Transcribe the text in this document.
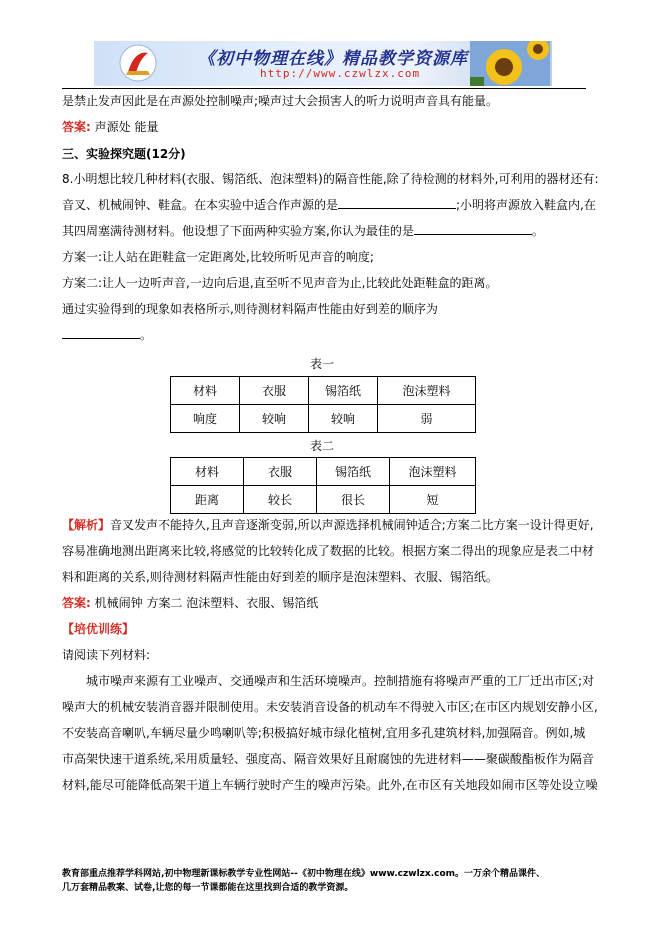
《初中物理在线》精品教学资源库
http://www.czwlzx.com
是禁止发声因此是在声源处控制噪声;噪声过大会损害人的听力说明声音具有能量。
答案: 声源处 能量
三、实验探究题(12分)
8.小明想比较几种材料(衣服、锡箔纸、泡沫塑料)的隔音性能,除了待检测的材料外,可利用的器材还有:
音叉、机械闹钟、鞋盒。在本实验中适合作声源的是	;小明将声源放入鞋盒内,在
其四周塞满待测材料。他设想了下面两种实验方案,你认为最佳的是	。
方案一:让人站在距鞋盒一定距离处,比较所听见声音的响度;
方案二:让人一边听声音,一边向后退,直至听不见声音为止,比较此处距鞋盒的距离。
通过实验得到的现象如表格所示,则待测材料隔声性能由好到差的顺序为
。
表一
材料	衣服	锡箔纸	泡沫塑料
响度	较响	较响	弱
表二
材料	衣服	锡箔纸	泡沫塑料
距离	较长	很长	短
【解析】音叉发声不能持久,且声音逐渐变弱,所以声源选择机械闹钟适合;方案二比方案一设计得更好,
容易准确地测出距离来比较,将感觉的比较转化成了数据的比较。根据方案二得出的现象应是表二中材
料和距离的关系,则待测材料隔声性能由好到差的顺序是泡沫塑料、衣服、锡箔纸。
答案: 机械闹钟 方案二 泡沫塑料、衣服、锡箔纸
【培优训练】
请阅读下列材料:
城市噪声来源有工业噪声、交通噪声和生活环境噪声。控制措施有将噪声严重的工厂迁出市区;对
噪声大的机械安装消音器并限制使用。未安装消音设备的机动车不得驶入市区;在市区内规划安静小区,
不安装高音喇叭,车辆尽量少鸣喇叭等;积极搞好城市绿化植树,宜用多孔建筑材料,加强隔音。例如,城
市高架快速干道系统,采用质量轻、强度高、隔音效果好且耐腐蚀的先进材料——聚碳酸酯板作为隔音
材料,能尽可能降低高架干道上车辆行驶时产生的噪声污染。此外,在市区有关地段如闹市区等处设立噪
教育部重点推荐学科网站,初中物理新课标教学专业性网站--《初中物理在线》www.czwlzx.com。一万余个精品课件、
几万套精品教案、试卷,让您的每一节课都能在这里找到合适的教学资源。
